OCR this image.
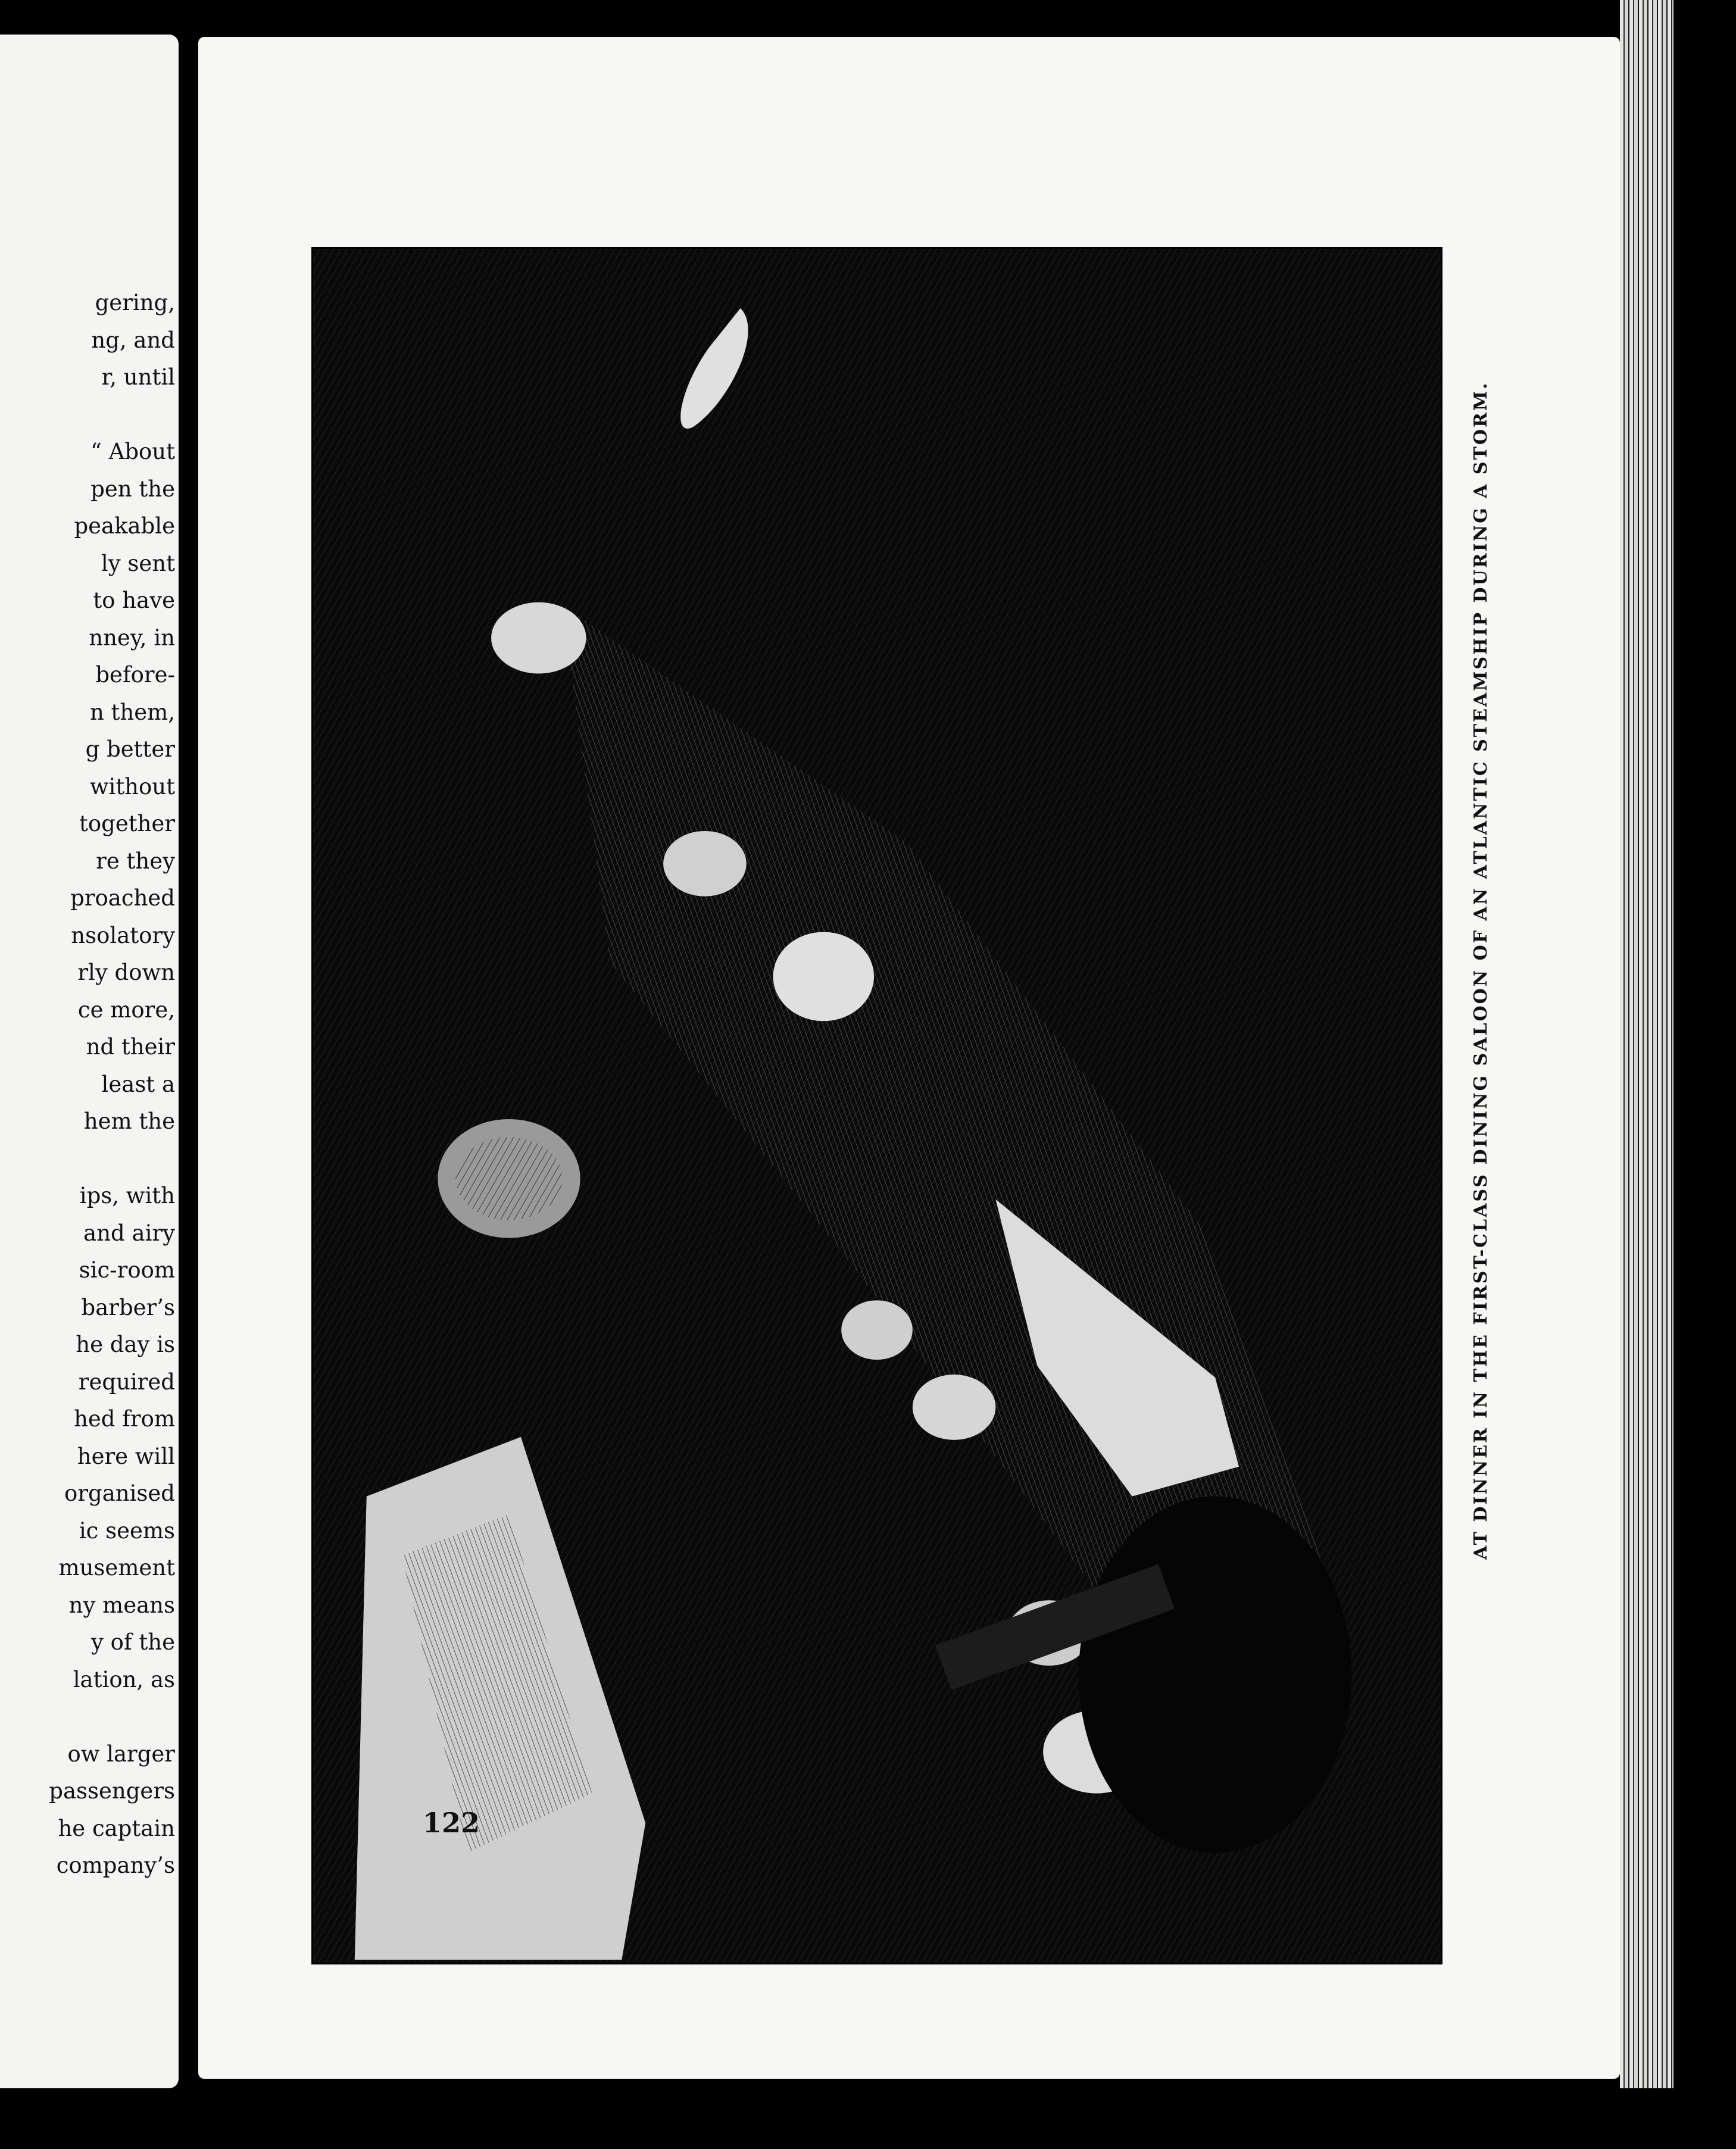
gering,
ng, and
r, until
“ About
pen the
peakable
ly sent
to have
nney, in
before-
n them,
g better
without
together
re they
proached
nsolatory
rly down
ce more,
nd their
least a
hem the
ips, with
and airy
sic-room
barber’s
he day is
required
hed from
here will
organised
ic seems
musement
ny means
y of the
lation, as
ow larger
passengers
he captain
company’s
AT DINNER IN THE FIRST-CLASS DINING SALOON OF AN ATLANTIC STEAMSHIP DURING A STORM.
122
